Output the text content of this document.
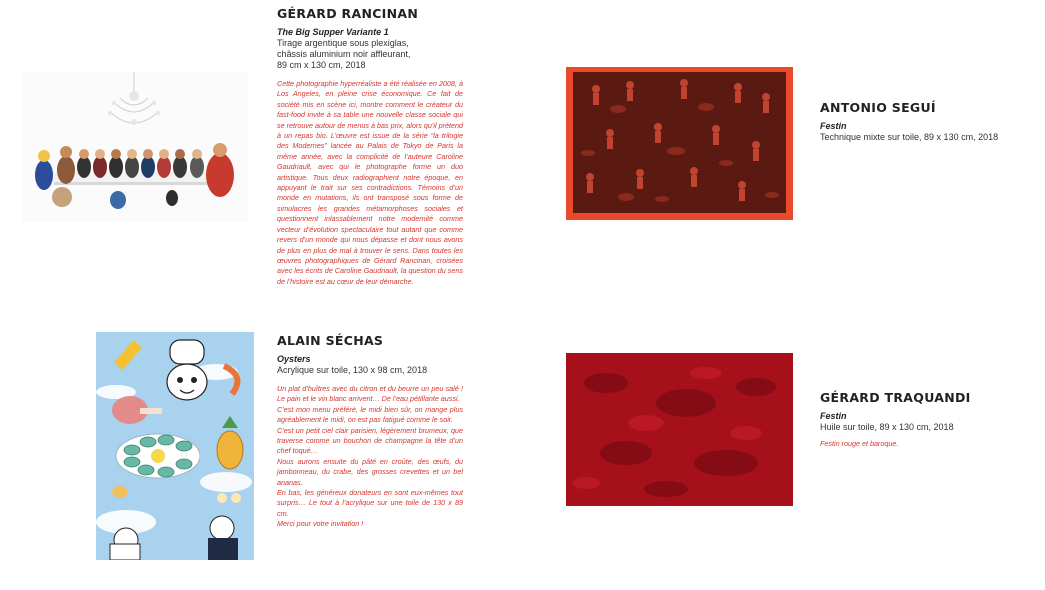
GÉRARD RANCINAN
The Big Supper Variante 1
Tirage argentique sous plexiglas,
châssis aluminium noir affleurant,
89 cm x 130 cm, 2018
Cette photographie hyperréaliste a été réalisée en 2008, à Los Angeles, en pleine crise économique. Ce fait de société mis en scène ici, montre comment le créateur du fast-food invite à sa table une nouvelle classe sociale qui se retrouve autour de menus à bas prix, alors qu’il prétend à un repas bio. L’œuvre est issue de la série “la trilogie des Modernes” lancée au Palais de Tokyo de Paris la même année, avec la complicité de l’auteure Caroline Gaudriault, avec qui le photographe forme un duo artistique. Tous deux radiographient notre époque, en appuyant le trait sur ses contradictions. Témoins d’un monde en mutations, ils ont transposé sous forme de simulacres les grandes métamorphoses sociales et questionnent inlassablement notre modernité comme vecteur d’évolution spectaculaire tout autant que comme revers d’un monde qui nous dépasse et dont nous avons de plus en plus de mal à trouver le sens. Dans toutes les œuvres photographiques de Gérard Rancinan, croisées avec les écrits de Caroline Gaudriault, la question du sens de l’histoire est au cœur de leur démarche.
ANTONIO SEGUÍ
Festin
Technique mixte sur toile, 89 x 130 cm, 2018
ALAIN SÉCHAS
Oysters
Acrylique sur toile, 130 x 98 cm, 2018

Un plat d’huîtres avec du citron et du beurre un peu salé ! Le pain et le vin blanc arrivent… De l’eau pétillante aussi.

C’est mon menu préféré, le midi bien sûr, on mange plus agréablement le midi, on est pas fatigué comme le soir.

C’est un petit ciel clair parisien, légèrement brumeux, que traverse comme un bouchon de champagne la tête d’un chef toqué…

Nous aurons ensuite du pâté en croûte, des œufs, du jambonneau, du crabe, des grosses crevettes et un bel ananas.

En bas, les généreux donateurs en sont eux-mêmes tout surpris… Le tout à l’acrylique sur une toile de 130 x 89 cm.

Merci pour votre invitation !

GÉRARD TRAQUANDI
Festin
Huile sur toile, 89 x 130 cm, 2018
Festin rouge et baroque.
